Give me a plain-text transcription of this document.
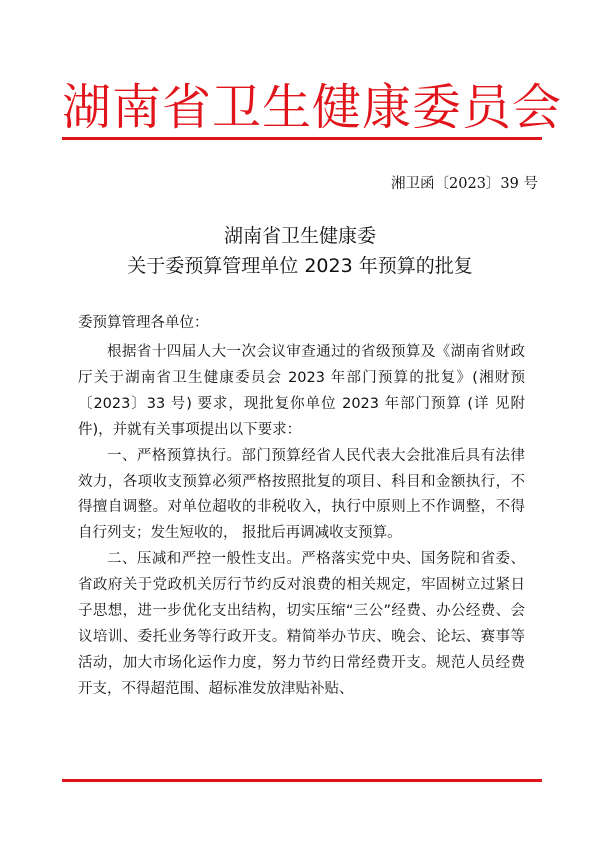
湖南省卫生健康委员会
湘卫函〔2023〕39 号
湖南省卫生健康委
关于委预算管理单位 2023 年预算的批复
委预算管理各单位：

根据省十四届人大一次会议审查通过的省级预算及《湖南省财政厅关于湖南省卫生健康委员会 2023 年部门预算的批复》(湘财预〔2023〕33 号) 要求，现批复你单位 2023 年部门预算 (详 见附件)，并就有关事项提出以下要求：

一、严格预算执行。部门预算经省人民代表大会批准后具有法律效力，各项收支预算必须严格按照批复的项目、科目和金额执行，不得擅自调整。对单位超收的非税收入，执行中原则上不作调整，不得自行列支；发生短收的， 报批后再调减收支预算。

二、压减和严控一般性支出。严格落实党中央、国务院和省委、省政府关于党政机关厉行节约反对浪费的相关规定，牢固树立过紧日子思想，进一步优化支出结构，切实压缩“三公”经费、办公经费、会议培训、委托业务等行政开支。精简举办节庆、晚会、论坛、赛事等活动，加大市场化运作力度，努力节约日常经费开支。规范人员经费开支，不得超范围、超标准发放津贴补贴、
